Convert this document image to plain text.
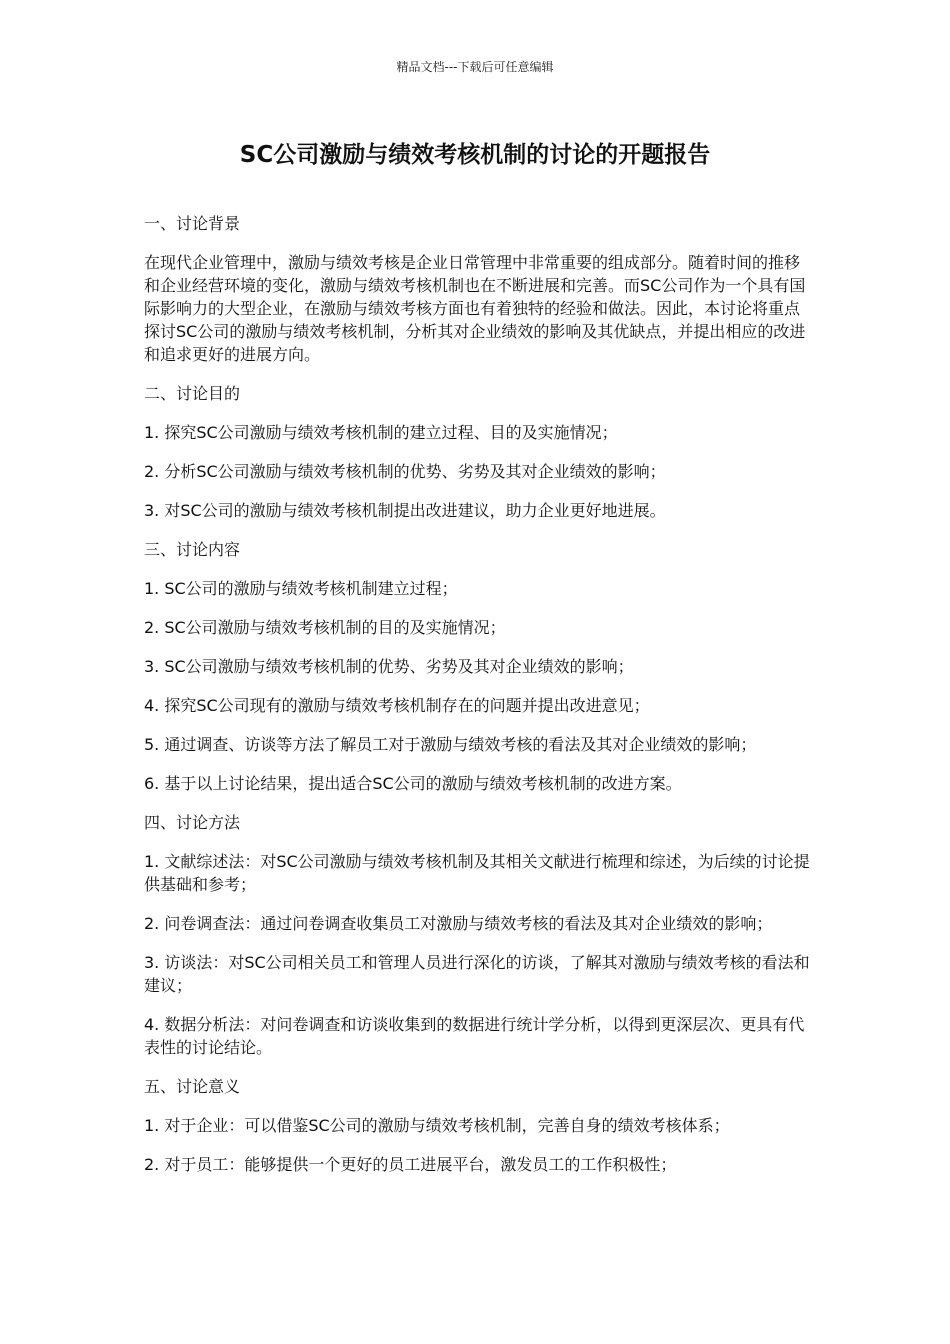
精品文档---下载后可任意编辑
SC公司激励与绩效考核机制的讨论的开题报告

一、讨论背景

在现代企业管理中，激励与绩效考核是企业日常管理中非常重要的组成部分。随着时间的推移和企业经营环境的变化，激励与绩效考核机制也在不断进展和完善。而SC公司作为一个具有国际影响力的大型企业，在激励与绩效考核方面也有着独特的经验和做法。因此，本讨论将重点探讨SC公司的激励与绩效考核机制，分析其对企业绩效的影响及其优缺点，并提出相应的改进和追求更好的进展方向。

二、讨论目的

1. 探究SC公司激励与绩效考核机制的建立过程、目的及实施情况；

2. 分析SC公司激励与绩效考核机制的优势、劣势及其对企业绩效的影响；

3. 对SC公司的激励与绩效考核机制提出改进建议，助力企业更好地进展。

三、讨论内容

1. SC公司的激励与绩效考核机制建立过程；

2. SC公司激励与绩效考核机制的目的及实施情况；

3. SC公司激励与绩效考核机制的优势、劣势及其对企业绩效的影响；

4. 探究SC公司现有的激励与绩效考核机制存在的问题并提出改进意见；

5. 通过调查、访谈等方法了解员工对于激励与绩效考核的看法及其对企业绩效的影响；

6. 基于以上讨论结果，提出适合SC公司的激励与绩效考核机制的改进方案。

四、讨论方法

1. 文献综述法：对SC公司激励与绩效考核机制及其相关文献进行梳理和综述，为后续的讨论提供基础和参考；

2. 问卷调查法：通过问卷调查收集员工对激励与绩效考核的看法及其对企业绩效的影响；

3. 访谈法：对SC公司相关员工和管理人员进行深化的访谈，了解其对激励与绩效考核的看法和建议；

4. 数据分析法：对问卷调查和访谈收集到的数据进行统计学分析，以得到更深层次、更具有代表性的讨论结论。

五、讨论意义

1. 对于企业：可以借鉴SC公司的激励与绩效考核机制，完善自身的绩效考核体系；

2. 对于员工：能够提供一个更好的员工进展平台，激发员工的工作积极性；
